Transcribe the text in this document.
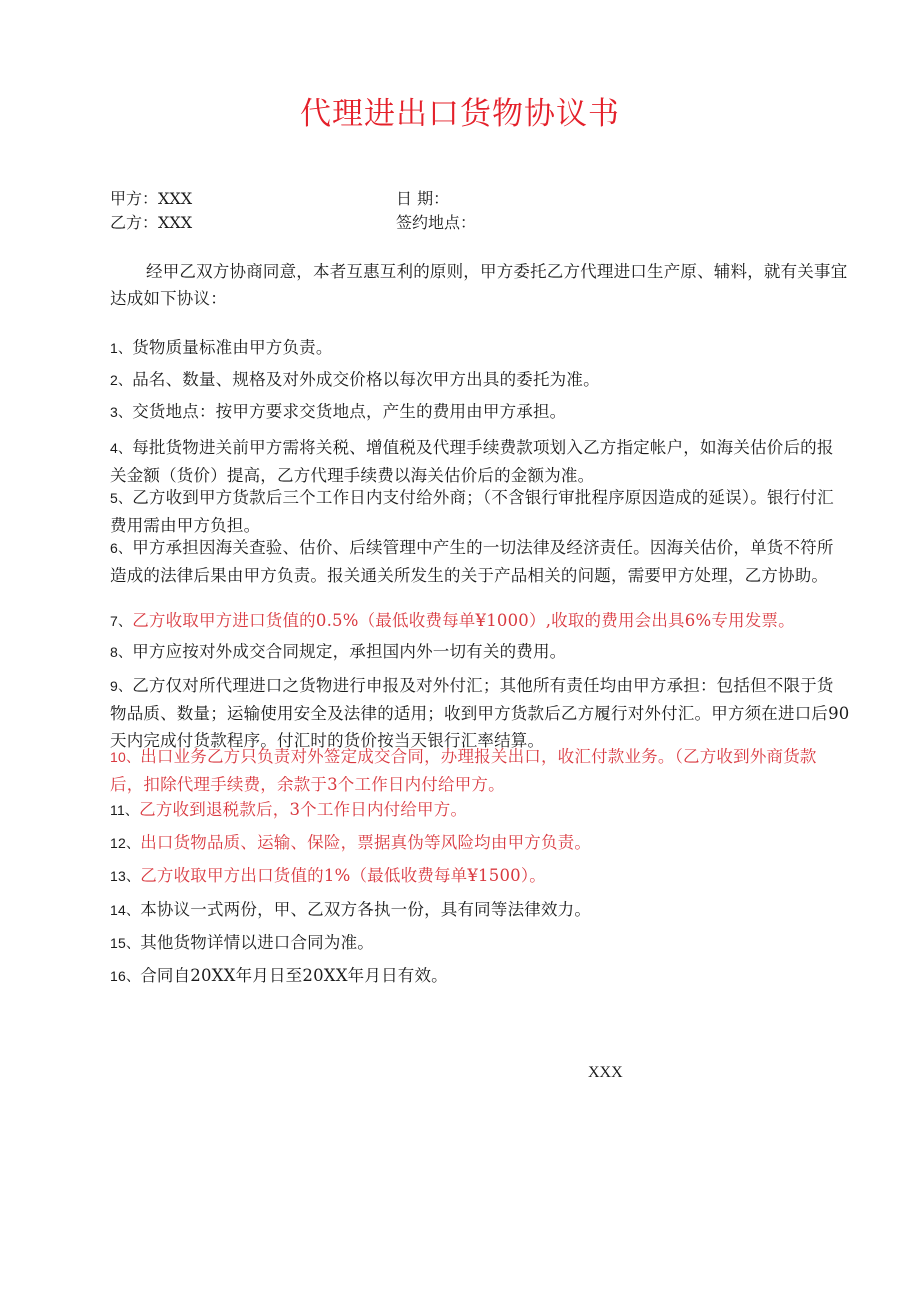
代理进出口货物协议书
甲方：XXX
乙方：XXX
日 期：
签约地点：
经甲乙双方协商同意，本者互惠互利的原则，甲方委托乙方代理进口生产原、辅料，就有关事宜达成如下协议：
1、货物质量标准由甲方负责。
2、品名、数量、规格及对外成交价格以每次甲方出具的委托为准。
3、交货地点：按甲方要求交货地点，产生的费用由甲方承担。
4、每批货物进关前甲方需将关税、增值税及代理手续费款项划入乙方指定帐户，如海关估价后的报关金额（货价）提高，乙方代理手续费以海关估价后的金额为准。
5、乙方收到甲方货款后三个工作日内支付给外商；（不含银行审批程序原因造成的延误）。银行付汇费用需由甲方负担。
6、甲方承担因海关查验、估价、后续管理中产生的一切法律及经济责任。因海关估价，单货不符所造成的法律后果由甲方负责。报关通关所发生的关于产品相关的问题，需要甲方处理，乙方协助。
7、乙方收取甲方进口货值的0.5%（最低收费每单¥1000）,收取的费用会出具6%专用发票。
8、甲方应按对外成交合同规定，承担国内外一切有关的费用。
9、乙方仅对所代理进口之货物进行申报及对外付汇；其他所有责任均由甲方承担：包括但不限于货物品质、数量；运输使用安全及法律的适用；收到甲方货款后乙方履行对外付汇。甲方须在进口后90天内完成付货款程序。付汇时的货价按当天银行汇率结算。
10、出口业务乙方只负责对外签定成交合同，办理报关出口，收汇付款业务。（乙方收到外商货款后，扣除代理手续费，余款于3个工作日内付给甲方。
11、乙方收到退税款后，3个工作日内付给甲方。
12、出口货物品质、运输、保险，票据真伪等风险均由甲方负责。
13、乙方收取甲方出口货值的1%（最低收费每单¥1500）。
14、本协议一式两份，甲、乙双方各执一份，具有同等法律效力。
15、其他货物详情以进口合同为准。
16、合同自20XX年月日至20XX年月日有效。
XXX
